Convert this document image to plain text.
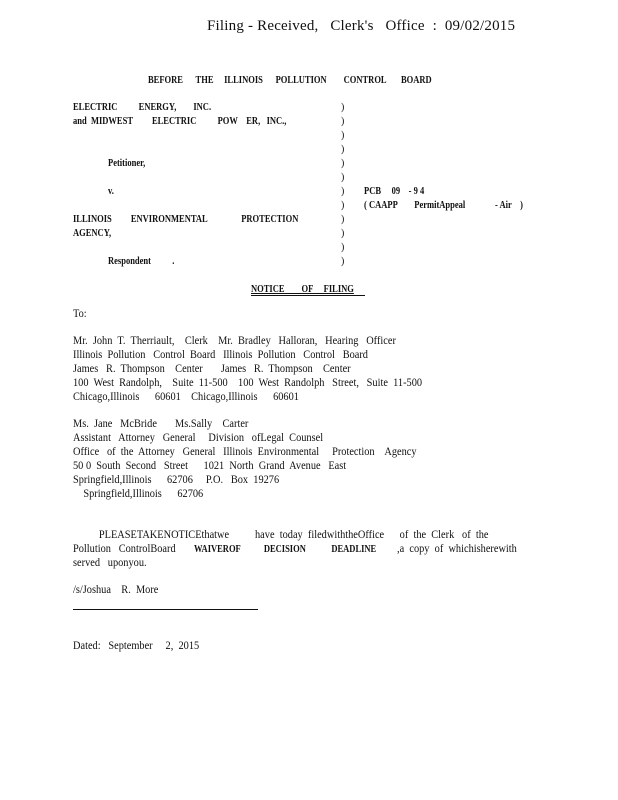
Filing - Received,   Clerk's   Office  :  09/02/2015
BEFORE      THE     ILLINOIS      POLLUTION        CONTROL       BOARD
ELECTRIC          ENERGY,        INC.
and  MIDWEST         ELECTRIC          POW    ER,   INC.,
Petitioner,
v.
ILLINOIS         ENVIRONMENTAL                PROTECTION
AGENCY,
Respondent          .
)
)
)
)
)
)
)
)
)
)
)
)
PCB     09    - 9 4
( CAAPP        PermitAppeal              - Air    )
NOTICE        OF     FILING
To:
Mr.  John  T.  Therriault,    Clerk    Mr.  Bradley   Halloran,   Hearing   Officer
Illinois  Pollution   Control  Board   Illinois  Pollution   Control   Board
James   R.  Thompson    Center       James   R.  Thompson    Center
100  West  Randolph,    Suite  11-500    100  West  Randolph   Street,   Suite  11-500
Chicago,Illinois      60601    Chicago,Illinois      60601
Ms.  Jane   McBride       Ms.Sally    Carter
Assistant   Attorney   General     Division   ofLegal  Counsel
Office   of  the  Attorney   General   Illinois  Environmental     Protection    Agency
50 0  South  Second   Street      1021  North  Grand  Avenue   East
Springfield,Illinois      62706     P.O.   Box  19276
Springfield,Illinois      62706
PLEASETAKENOTICEthatwe          have  today  filedwiththeOffice      of  the  Clerk   of  the
Pollution   ControlBoard WAIVEROF           DECISION            DEADLINE ,a  copy  of  whichisherewith
served   uponyou.
/s/Joshua    R.  More
Dated:   September     2,  2015
